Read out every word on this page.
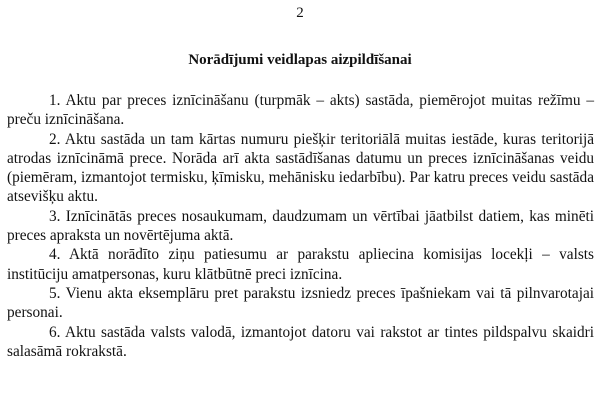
2
Norādījumi veidlapas aizpildīšanai

1. Aktu par preces iznīcināšanu (turpmāk – akts) sastāda, piemērojot muitas režīmu – preču iznīcināšana.

2. Aktu sastāda un tam kārtas numuru piešķir teritoriālā muitas iestāde, kuras teritorijā atrodas iznīcināmā prece. Norāda arī akta sastādīšanas datumu un preces iznīcināšanas veidu (piemēram, izmantojot termisku, ķīmisku, mehānisku iedarbību). Par katru preces veidu sastāda atsevišķu aktu.

3. Iznīcinātās preces nosaukumam, daudzumam un vērtībai jāatbilst datiem, kas minēti preces apraksta un novērtējuma aktā.

4. Aktā norādīto ziņu patiesumu ar parakstu apliecina komisijas locekļi – valsts institūciju amatpersonas, kuru klātbūtnē preci iznīcina.

5. Vienu akta eksemplāru pret parakstu izsniedz preces īpašniekam vai tā pilnvarotajai personai.

6. Aktu sastāda valsts valodā, izmantojot datoru vai rakstot ar tintes pildspalvu skaidri salasāmā rokrakstā.
